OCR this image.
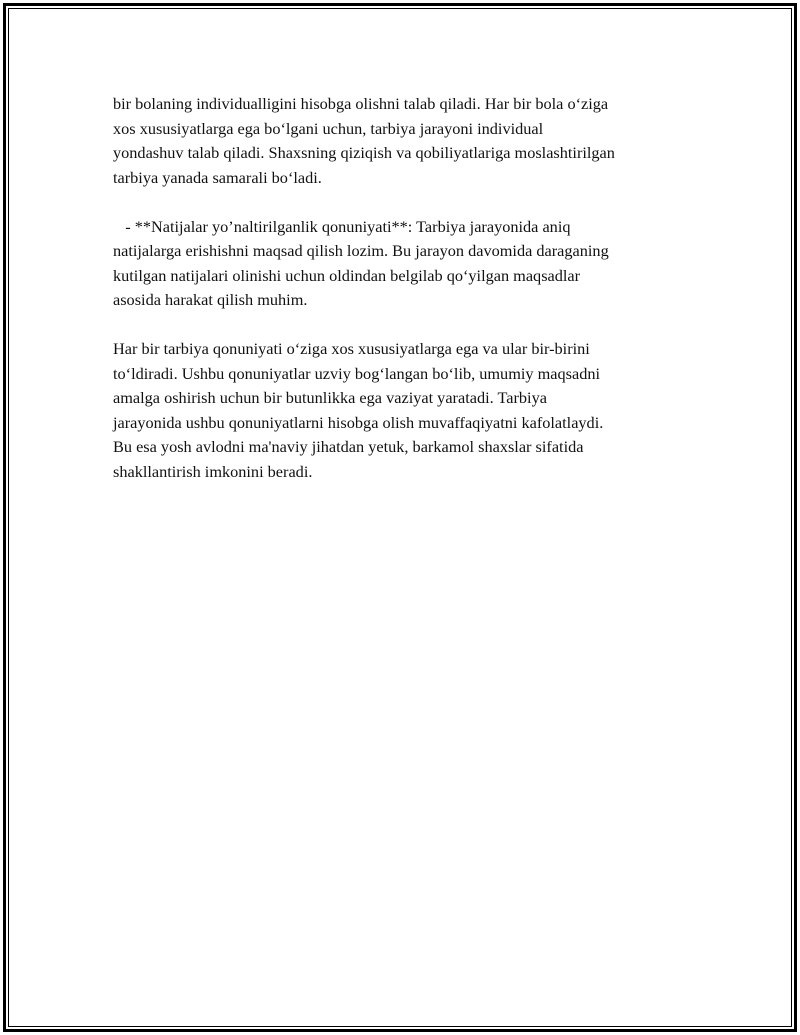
bir bolaning individualligini hisobga olishni talab qiladi. Har bir bola o‘ziga
xos xususiyatlarga ega bo‘lgani uchun, tarbiya jarayoni individual
yondashuv talab qiladi. Shaxsning qiziqish va qobiliyatlariga moslashtirilgan
tarbiya yanada samarali bo‘ladi.

- **Natijalar yo’naltirilganlik qonuniyati**: Tarbiya jarayonida aniq
natijalarga erishishni maqsad qilish lozim. Bu jarayon davomida daraganing
kutilgan natijalari olinishi uchun oldindan belgilab qo‘yilgan maqsadlar
asosida harakat qilish muhim.

Har bir tarbiya qonuniyati o‘ziga xos xususiyatlarga ega va ular bir-birini
to‘ldiradi. Ushbu qonuniyatlar uzviy bog‘langan bo‘lib, umumiy maqsadni
amalga oshirish uchun bir butunlikka ega vaziyat yaratadi. Tarbiya
jarayonida ushbu qonuniyatlarni hisobga olish muvaffaqiyatni kafolatlaydi.
Bu esa yosh avlodni ma'naviy jihatdan yetuk, barkamol shaxslar sifatida
shakllantirish imkonini beradi.
